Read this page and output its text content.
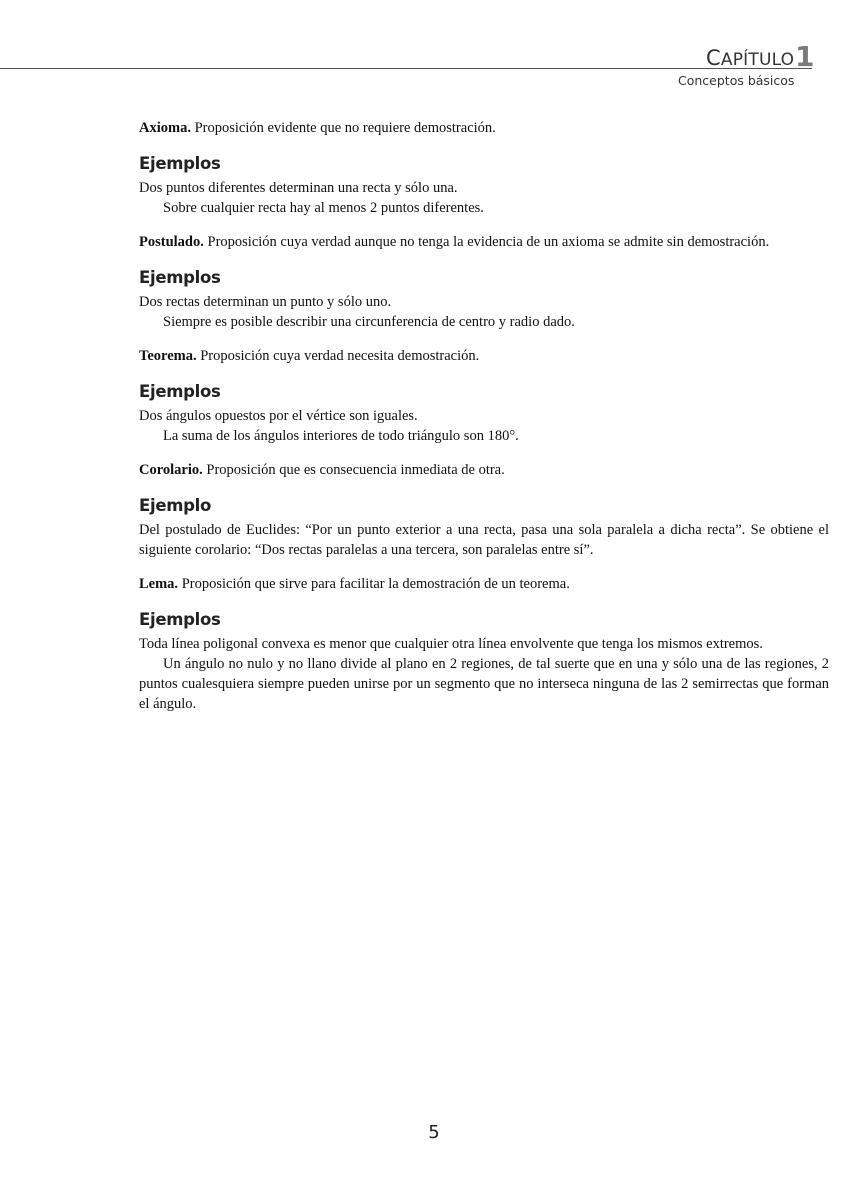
CAPÍTULO 1
Conceptos básicos

Axioma. Proposición evidente que no requiere demostración.

Ejemplos

Dos puntos diferentes determinan una recta y sólo una.

Sobre cualquier recta hay al menos 2 puntos diferentes.

Postulado. Proposición cuya verdad aunque no tenga la evidencia de un axioma se admite sin demostración.

Ejemplos

Dos rectas determinan un punto y sólo uno.

Siempre es posible describir una circunferencia de centro y radio dado.

Teorema. Proposición cuya verdad necesita demostración.

Ejemplos

Dos ángulos opuestos por el vértice son iguales.

La suma de los ángulos interiores de todo triángulo son 180°.

Corolario. Proposición que es consecuencia inmediata de otra.

Ejemplo

Del postulado de Euclides: “Por un punto exterior a una recta, pasa una sola paralela a dicha recta”. Se obtiene el siguiente corolario: “Dos rectas paralelas a una tercera, son paralelas entre sí”.

Lema. Proposición que sirve para facilitar la demostración de un teorema.

Ejemplos

Toda línea poligonal convexa es menor que cualquier otra línea envolvente que tenga los mismos extremos.

Un ángulo no nulo y no llano divide al plano en 2 regiones, de tal suerte que en una y sólo una de las regiones, 2 puntos cualesquiera siempre pueden unirse por un segmento que no interseca ninguna de las 2 semirrectas que forman el ángulo.

5
